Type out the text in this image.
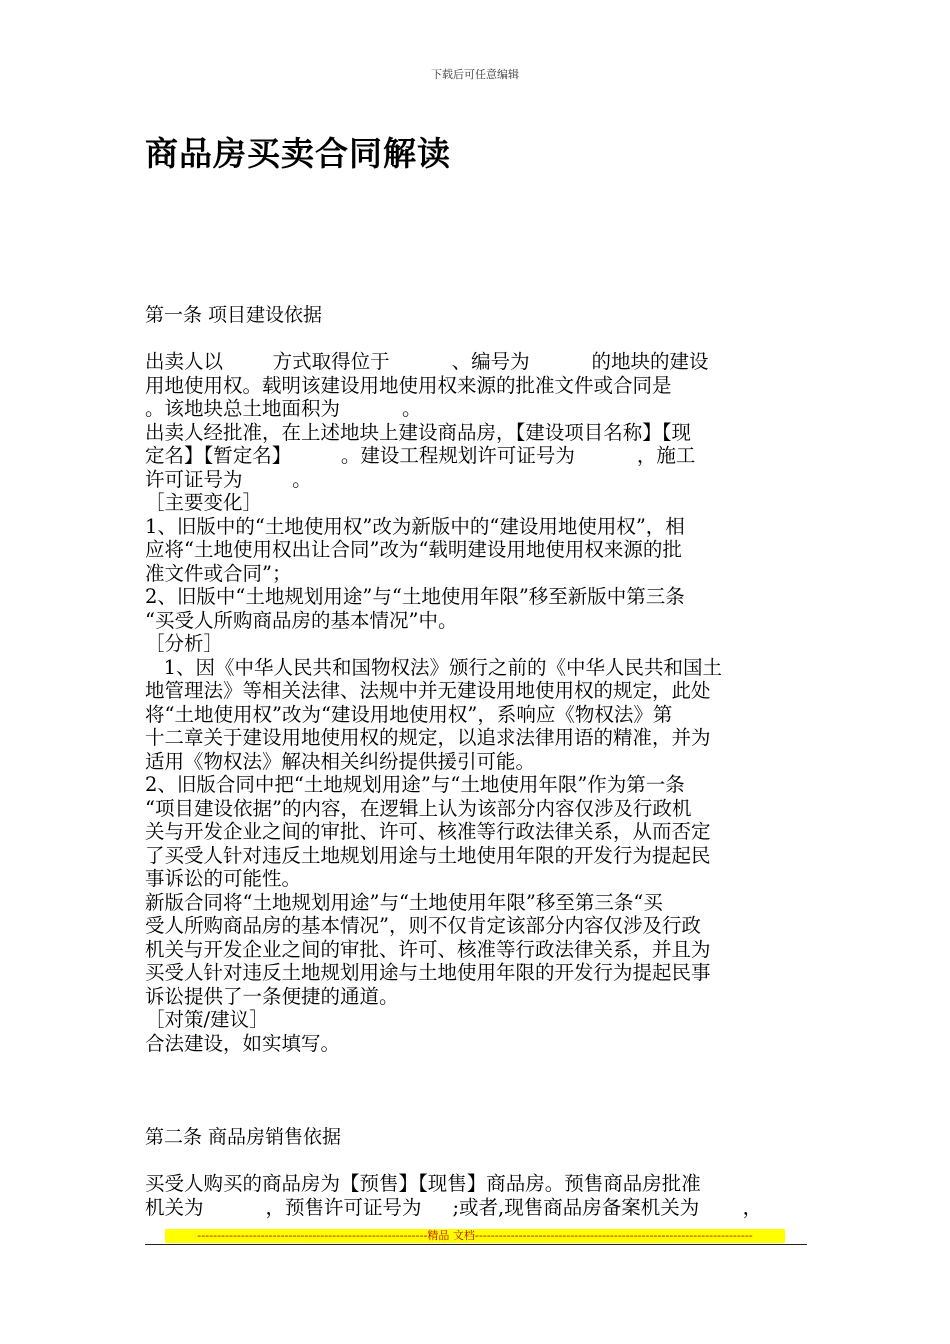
下载后可任意编辑
商品房买卖合同解读
第一条 项目建设依据

出卖人以        方式取得位于          、编号为          的地块的建设

用地使用权。载明该建设用地使用权来源的批准文件或合同是

。该地块总土地面积为          。

出卖人经批准，在上述地块上建设商品房，【建设项目名称】【现

定名】【暂定名】        。建设工程规划许可证号为          ，施工

许可证号为        。

［主要变化］

1、旧版中的“土地使用权”改为新版中的“建设用地使用权”，相

应将“土地使用权出让合同”改为“载明建设用地使用权来源的批

准文件或合同”；

2、旧版中“土地规划用途”与“土地使用年限”移至新版中第三条

“买受人所购商品房的基本情况”中。

［分析］

1、因《中华人民共和国物权法》颁行之前的《中华人民共和国土

地管理法》等相关法律、法规中并无建设用地使用权的规定，此处

将“土地使用权”改为“建设用地使用权”，系响应《物权法》第

十二章关于建设用地使用权的规定，以追求法律用语的精准，并为

适用《物权法》解决相关纠纷提供援引可能。

2、旧版合同中把“土地规划用途”与“土地使用年限”作为第一条

“项目建设依据”的内容，在逻辑上认为该部分内容仅涉及行政机

关与开发企业之间的审批、许可、核准等行政法律关系，从而否定

了买受人针对违反土地规划用途与土地使用年限的开发行为提起民

事诉讼的可能性。

新版合同将“土地规划用途”与“土地使用年限”移至第三条“买

受人所购商品房的基本情况”，则不仅肯定该部分内容仅涉及行政

机关与开发企业之间的审批、许可、核准等行政法律关系，并且为

买受人针对违反土地规划用途与土地使用年限的开发行为提起民事

诉讼提供了一条便捷的通道。

［对策/建议］

合法建设，如实填写。

第二条 商品房销售依据

买受人购买的商品房为【预售】【现售】商品房。预售商品房批准

机关为          ，预售许可证号为     ;或者,现售商品房备案机关为       ，

----------------------------------------------------------精品 文档----------------------------------------------------------------------
